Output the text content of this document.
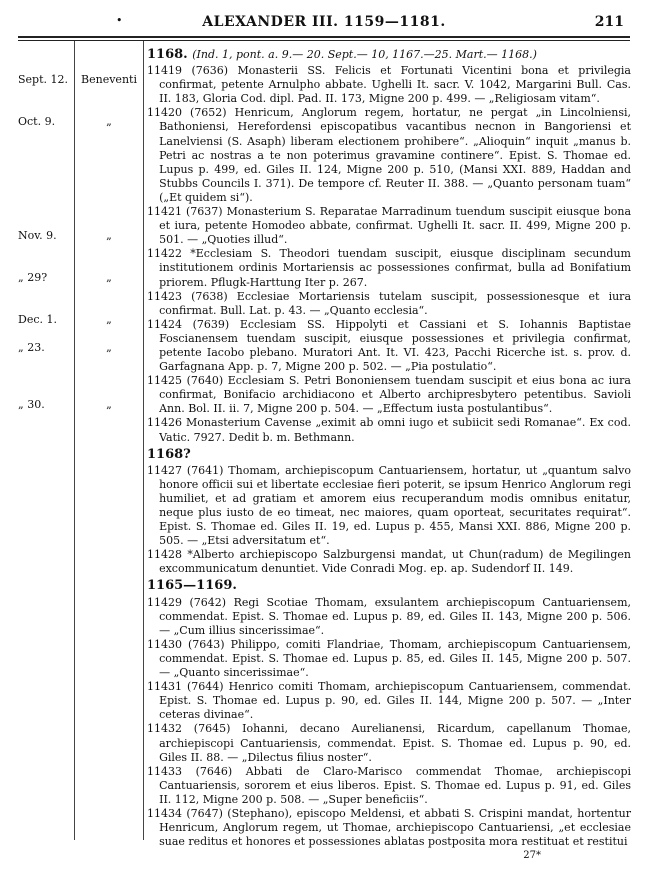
•	ALEXANDER III. 1159—1181.	211
Sept. 12.	Beneventi
Oct. 9.	„
Nov. 9.	„
„ 29?	„
Dec. 1.	„
„ 23.	„
„ 30.	„
1168. (Ind. 1, pont. a. 9.— 20. Sept.— 10, 1167.—25. Mart.— 1168.)

11419 (7636) Monasterii SS. Felicis et Fortunati Vicentini bona et privilegia confirmat, petente Arnulpho abbate. Ughelli It. sacr. V. 1042, Margarini Bull. Cas. II. 183, Gloria Cod. dipl. Pad. II. 173, Migne 200 p. 499. — „Religiosam vitam“.

11420 (7652) Henricum, Anglorum regem, hortatur, ne pergat „in Lincolniensi, Bathoniensi, Herefordensi episcopatibus vacantibus necnon in Bangoriensi et Lanelviensi (S. Asaph) liberam electionem prohibere“. „Alioquin“ inquit „manus b. Petri ac nostras a te non poterimus gravamine continere“. Epist. S. Thomae ed. Lupus p. 499, ed. Giles II. 124, Migne 200 p. 510, (Mansi XXI. 889, Haddan and Stubbs Councils I. 371). De tempore cf. Reuter II. 388. — „Quanto personam tuam“ („Et quidem si“).

11421 (7637) Monasterium S. Reparatae Marradinum tuendum suscipit eiusque bona et iura, petente Homodeo abbate, confirmat. Ughelli It. sacr. II. 499, Migne 200 p. 501. — „Quoties illud“.

11422 *Ecclesiam S. Theodori tuendam suscipit, eiusque disciplinam secundum institutionem ordinis Mortariensis ac possessiones confirmat, bulla ad Bonifatium priorem. Pflugk-Harttung Iter p. 267.

11423 (7638) Ecclesiae Mortariensis tutelam suscipit, possessionesque et iura confirmat. Bull. Lat. p. 43. — „Quanto ecclesia“.

11424 (7639) Ecclesiam SS. Hippolyti et Cassiani et S. Iohannis Baptistae Foscianensem tuendam suscipit, eiusque possessiones et privilegia confirmat, petente Iacobo plebano. Muratori Ant. It. VI. 423, Pacchi Ricerche ist. s. prov. d. Garfagnana App. p. 7, Migne 200 p. 502. — „Pia postulatio“.

11425 (7640) Ecclesiam S. Petri Bononiensem tuendam suscipit et eius bona ac iura confirmat, Bonifacio archidiacono et Alberto archipresbytero petentibus. Savioli Ann. Bol. II. ii. 7, Migne 200 p. 504. — „Effectum iusta postulantibus“.

11426 Monasterium Cavense „eximit ab omni iugo et subiicit sedi Romanae“. Ex cod. Vatic. 7927. Dedit b. m. Bethmann.

1168?

11427 (7641) Thomam, archiepiscopum Cantuariensem, hortatur, ut „quantum salvo honore officii sui et libertate ecclesiae fieri poterit, se ipsum Henrico Anglorum regi humiliet, et ad gratiam et amorem eius recuperandum modis omnibus enitatur, neque plus iusto de eo timeat, nec maiores, quam oporteat, securitates requirat“. Epist. S. Thomae ed. Giles II. 19, ed. Lupus p. 455, Mansi XXI. 886, Migne 200 p. 505. — „Etsi adversitatum et“.

11428 *Alberto archiepiscopo Salzburgensi mandat, ut Chun(radum) de Megilingen excommunicatum denuntiet. Vide Conradi Mog. ep. ap. Sudendorf II. 149.

1165—1169.

11429 (7642) Regi Scotiae Thomam, exsulantem archiepiscopum Cantuariensem, commendat. Epist. S. Thomae ed. Lupus p. 89, ed. Giles II. 143, Migne 200 p. 506. — „Cum illius sincerissimae“.

11430 (7643) Philippo, comiti Flandriae, Thomam, archiepiscopum Cantuariensem, commendat. Epist. S. Thomae ed. Lupus p. 85, ed. Giles II. 145, Migne 200 p. 507. — „Quanto sincerissimae“.

11431 (7644) Henrico comiti Thomam, archiepiscopum Cantuariensem, commendat. Epist. S. Thomae ed. Lupus p. 90, ed. Giles II. 144, Migne 200 p. 507. — „Inter ceteras divinae“.

11432 (7645) Iohanni, decano Aurelianensi, Ricardum, capellanum Thomae, archiepiscopi Cantuariensis, commendat. Epist. S. Thomae ed. Lupus p. 90, ed. Giles II. 88. — „Dilectus filius noster“.

11433 (7646) Abbati de Claro-Marisco commendat Thomae, archiepiscopi Cantuariensis, sororem et eius liberos. Epist. S. Thomae ed. Lupus p. 91, ed. Giles II. 112, Migne 200 p. 508. — „Super beneficiis“.

11434 (7647) (Stephano), episcopo Meldensi, et abbati S. Crispini mandat, hortentur Henricum, Anglorum regem, ut Thomae, archiepiscopo Cantuariensi, „et ecclesiae suae reditus et honores et possessiones ablatas postposita mora restituat et restitui

27*
